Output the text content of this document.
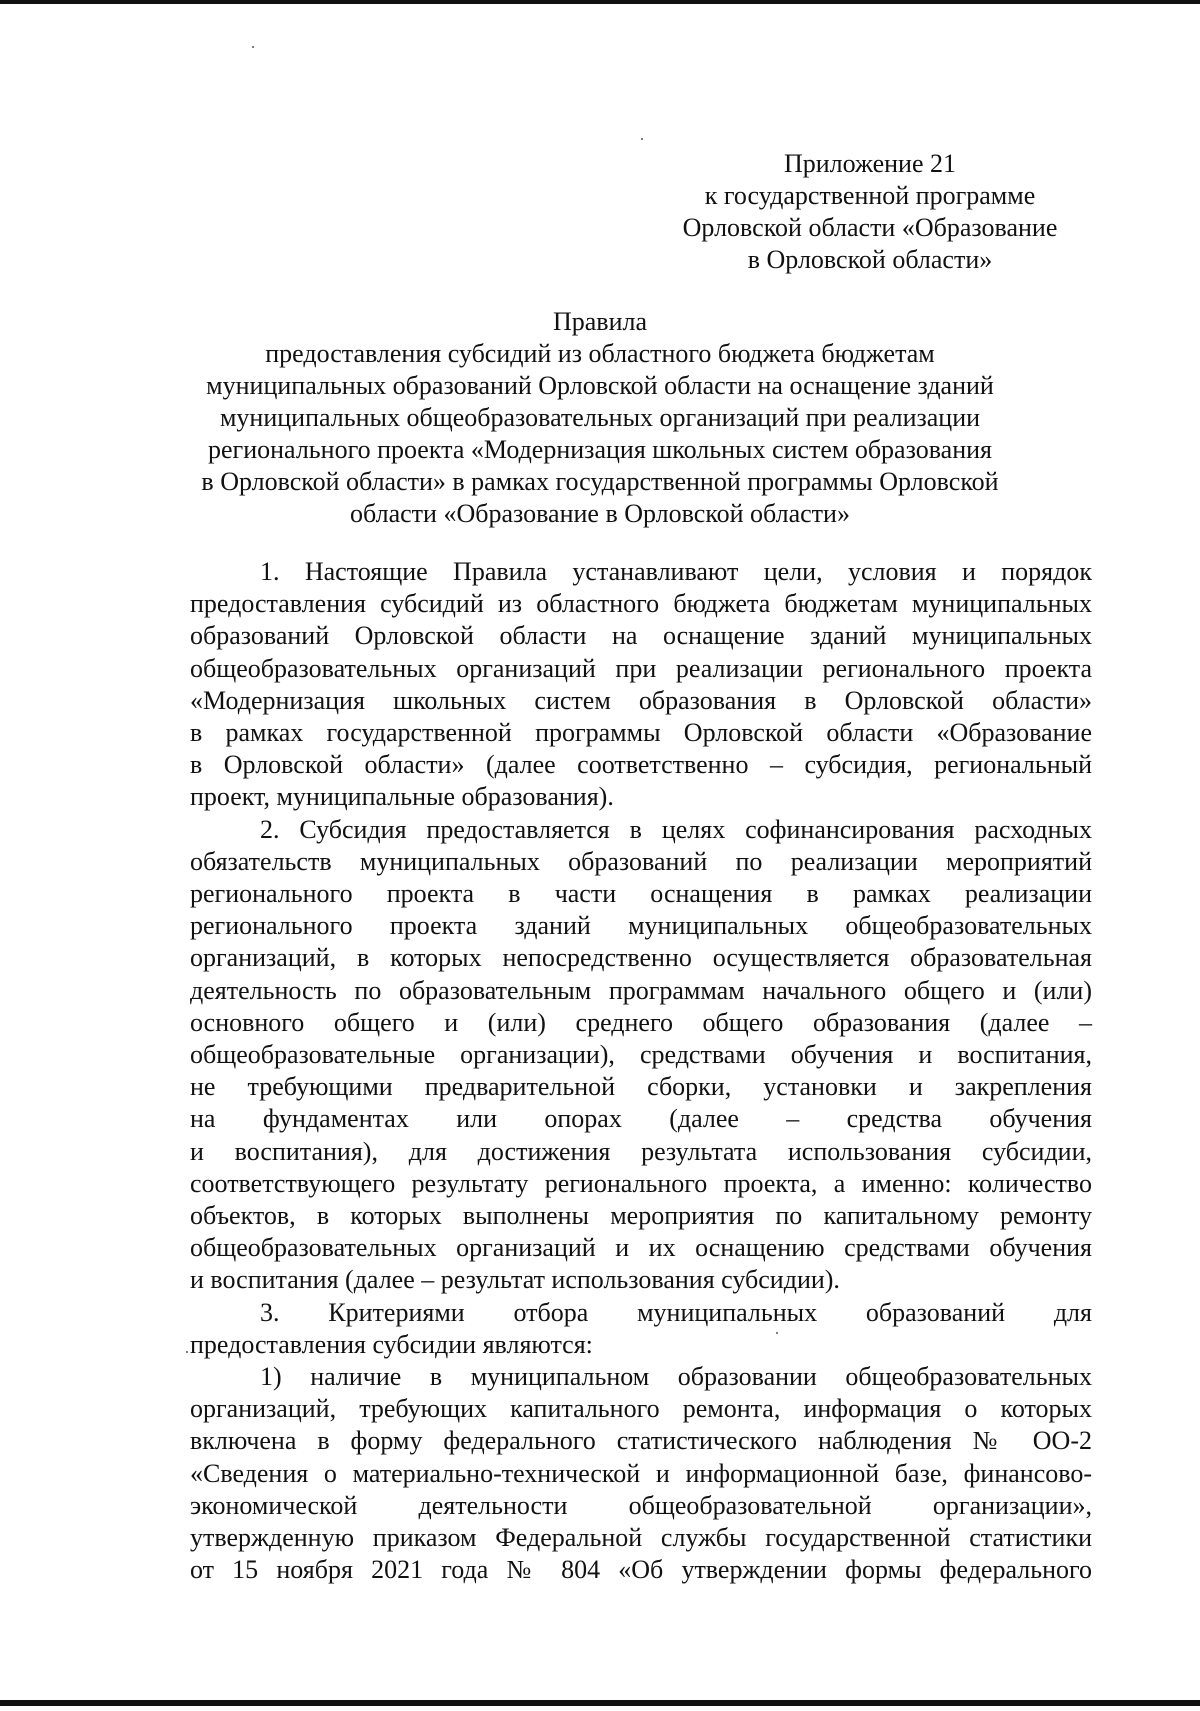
Приложение 21
к государственной программе
Орловской области «Образование
в Орловской области»
Правила
предоставления субсидий из областного бюджета бюджетам
муниципальных образований Орловской области на оснащение зданий
муниципальных общеобразовательных организаций при реализации
регионального проекта «Модернизация школьных систем образования
в Орловской области» в рамках государственной программы Орловской
области «Образование в Орловской области»

1. Настоящие Правила устанавливают цели, условия и порядок
предоставления субсидий из областного бюджета бюджетам муниципальных
образований Орловской области на оснащение зданий муниципальных
общеобразовательных организаций при реализации регионального проекта
«Модернизация школьных систем образования в Орловской области»
в рамках государственной программы Орловской области «Образование
в Орловской области» (далее соответственно – субсидия, региональный
проект, муниципальные образования).

2. Субсидия предоставляется в целях софинансирования расходных
обязательств муниципальных образований по реализации мероприятий
регионального проекта в части оснащения в рамках реализации
регионального проекта зданий муниципальных общеобразовательных
организаций, в которых непосредственно осуществляется образовательная
деятельность по образовательным программам начального общего и (или)
основного общего и (или) среднего общего образования (далее –
общеобразовательные организации), средствами обучения и воспитания,
не требующими предварительной сборки, установки и закрепления
на фундаментах или опорах (далее – средства обучения
и воспитания), для достижения результата использования субсидии,
соответствующего результату регионального проекта, а именно: количество
объектов, в которых выполнены мероприятия по капитальному ремонту
общеобразовательных организаций и их оснащению средствами обучения
и воспитания (далее – результат использования субсидии).

3. Критериями отбора муниципальных образований для
предоставления субсидии являются:

1) наличие в муниципальном образовании общеобразовательных
организаций, требующих капитального ремонта, информация о которых
включена в форму федерального статистического наблюдения № ОО-2
«Сведения о материально-технической и информационной базе, финансово-
экономической деятельности общеобразовательной организации»,
утвержденную приказом Федеральной службы государственной статистики
от 15 ноября 2021 года № 804 «Об утверждении формы федерального
